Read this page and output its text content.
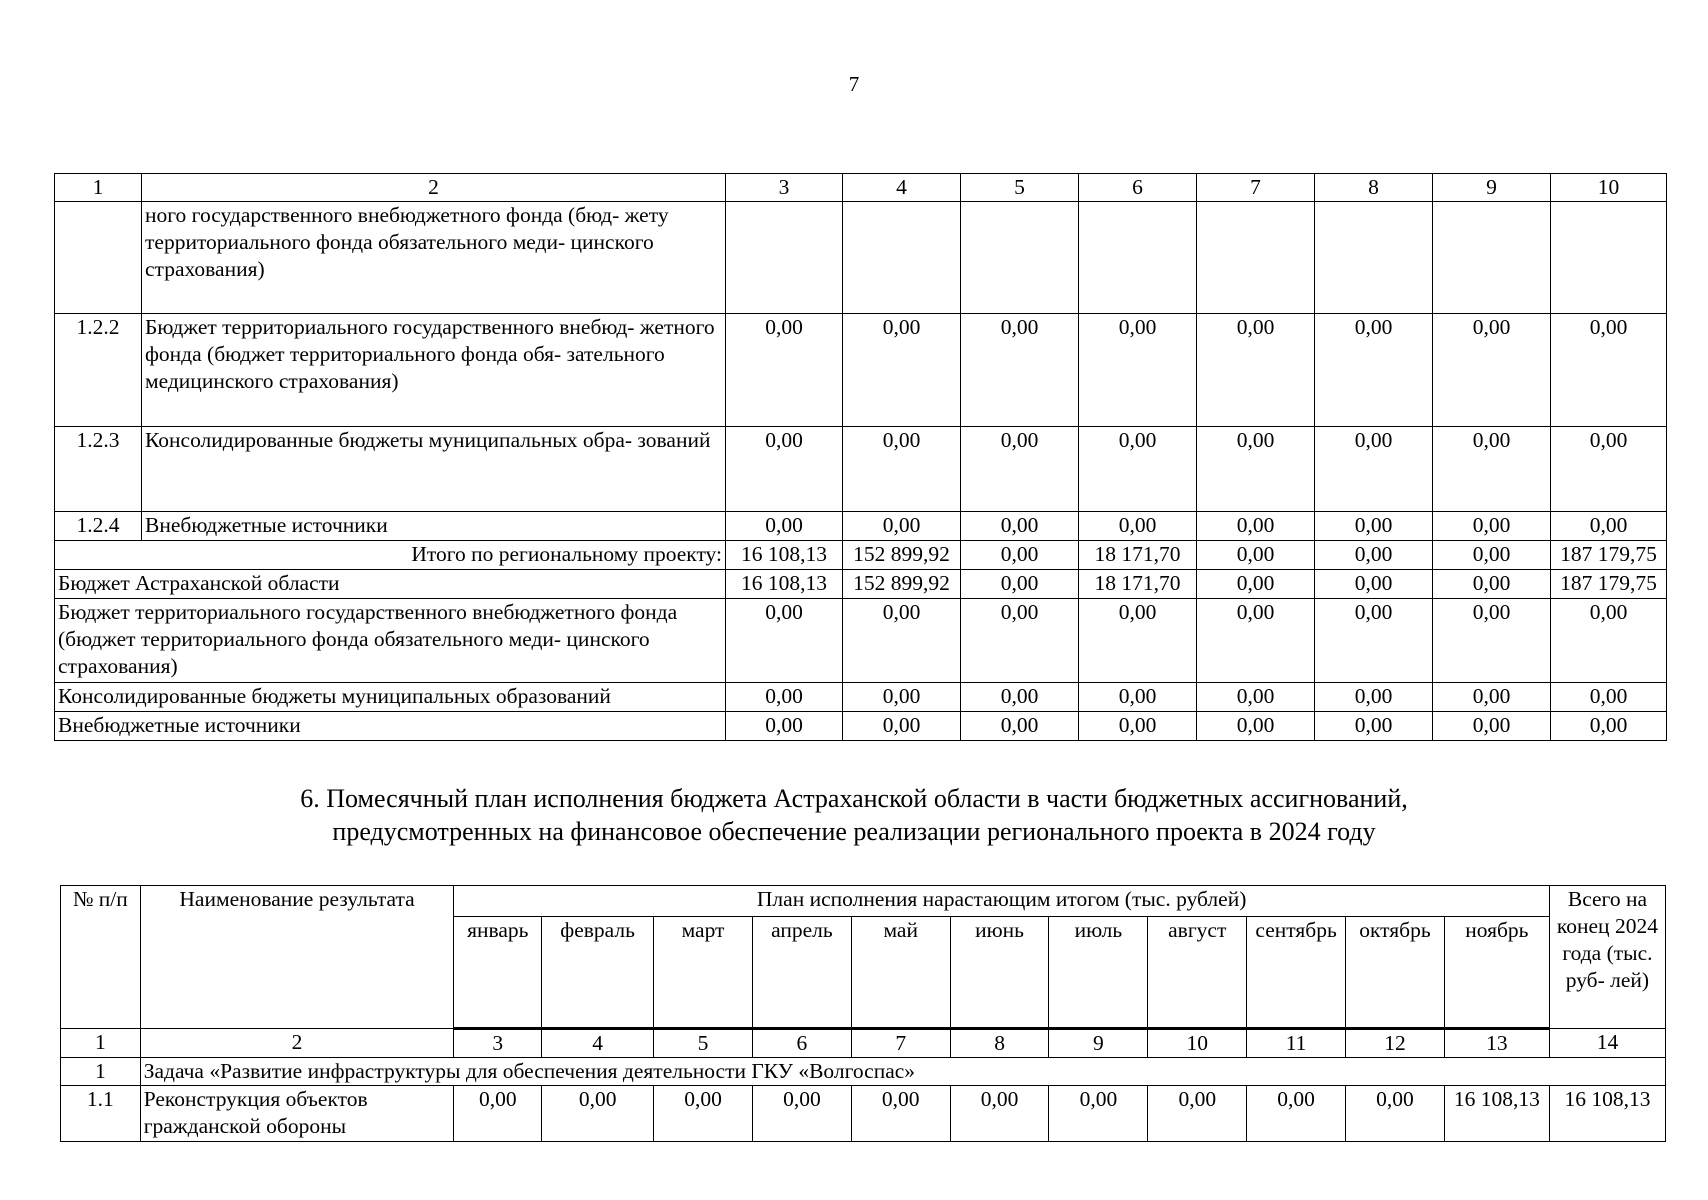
7
1	2	3	4	5	6	7	8	9	10
	ного государственного внебюджетного фонда (бюд- жету территориального фонда обязательного меди- цинского страхования)								
1.2.2	Бюджет территориального государственного внебюд- жетного фонда (бюджет территориального фонда обя- зательного медицинского страхования)	0,00	0,00	0,00	0,00	0,00	0,00	0,00	0,00
1.2.3	Консолидированные бюджеты муниципальных обра- зований	0,00	0,00	0,00	0,00	0,00	0,00	0,00	0,00
1.2.4	Внебюджетные источники	0,00	0,00	0,00	0,00	0,00	0,00	0,00	0,00
Итого по региональному проекту:		16 108,13	152 899,92	0,00	18 171,70	0,00	0,00	0,00	187 179,75
Бюджет Астраханской области		16 108,13	152 899,92	0,00	18 171,70	0,00	0,00	0,00	187 179,75
Бюджет территориального государственного внебюджетного фонда (бюджет территориального фонда обязательного меди- цинского страхования)		0,00	0,00	0,00	0,00	0,00	0,00	0,00	0,00
Консолидированные бюджеты муниципальных образований		0,00	0,00	0,00	0,00	0,00	0,00	0,00	0,00
Внебюджетные источники		0,00	0,00	0,00	0,00	0,00	0,00	0,00	0,00
6. Помесячный план исполнения бюджета Астраханской области в части бюджетных ассигнований,
предусмотренных на финансовое обеспечение реализации регионального проекта в 2024 году
№ п/п	Наименование результата	План исполнения нарастающим итогом (тыс. рублей)											Всего на конец 2024 года (тыс. руб- лей)
		январь	февраль	март	апрель	май	июнь	июль	август	сентябрь	октябрь	ноябрь	
1	2	3	4	5	6	7	8	9	10	11	12	13	14
1	Задача «Развитие инфраструктуры для обеспечения деятельности ГКУ «Волгоспас»												
1.1	Реконструкция объектов гражданской обороны	0,00	0,00	0,00	0,00	0,00	0,00	0,00	0,00	0,00	0,00	16 108,13	16 108,13
